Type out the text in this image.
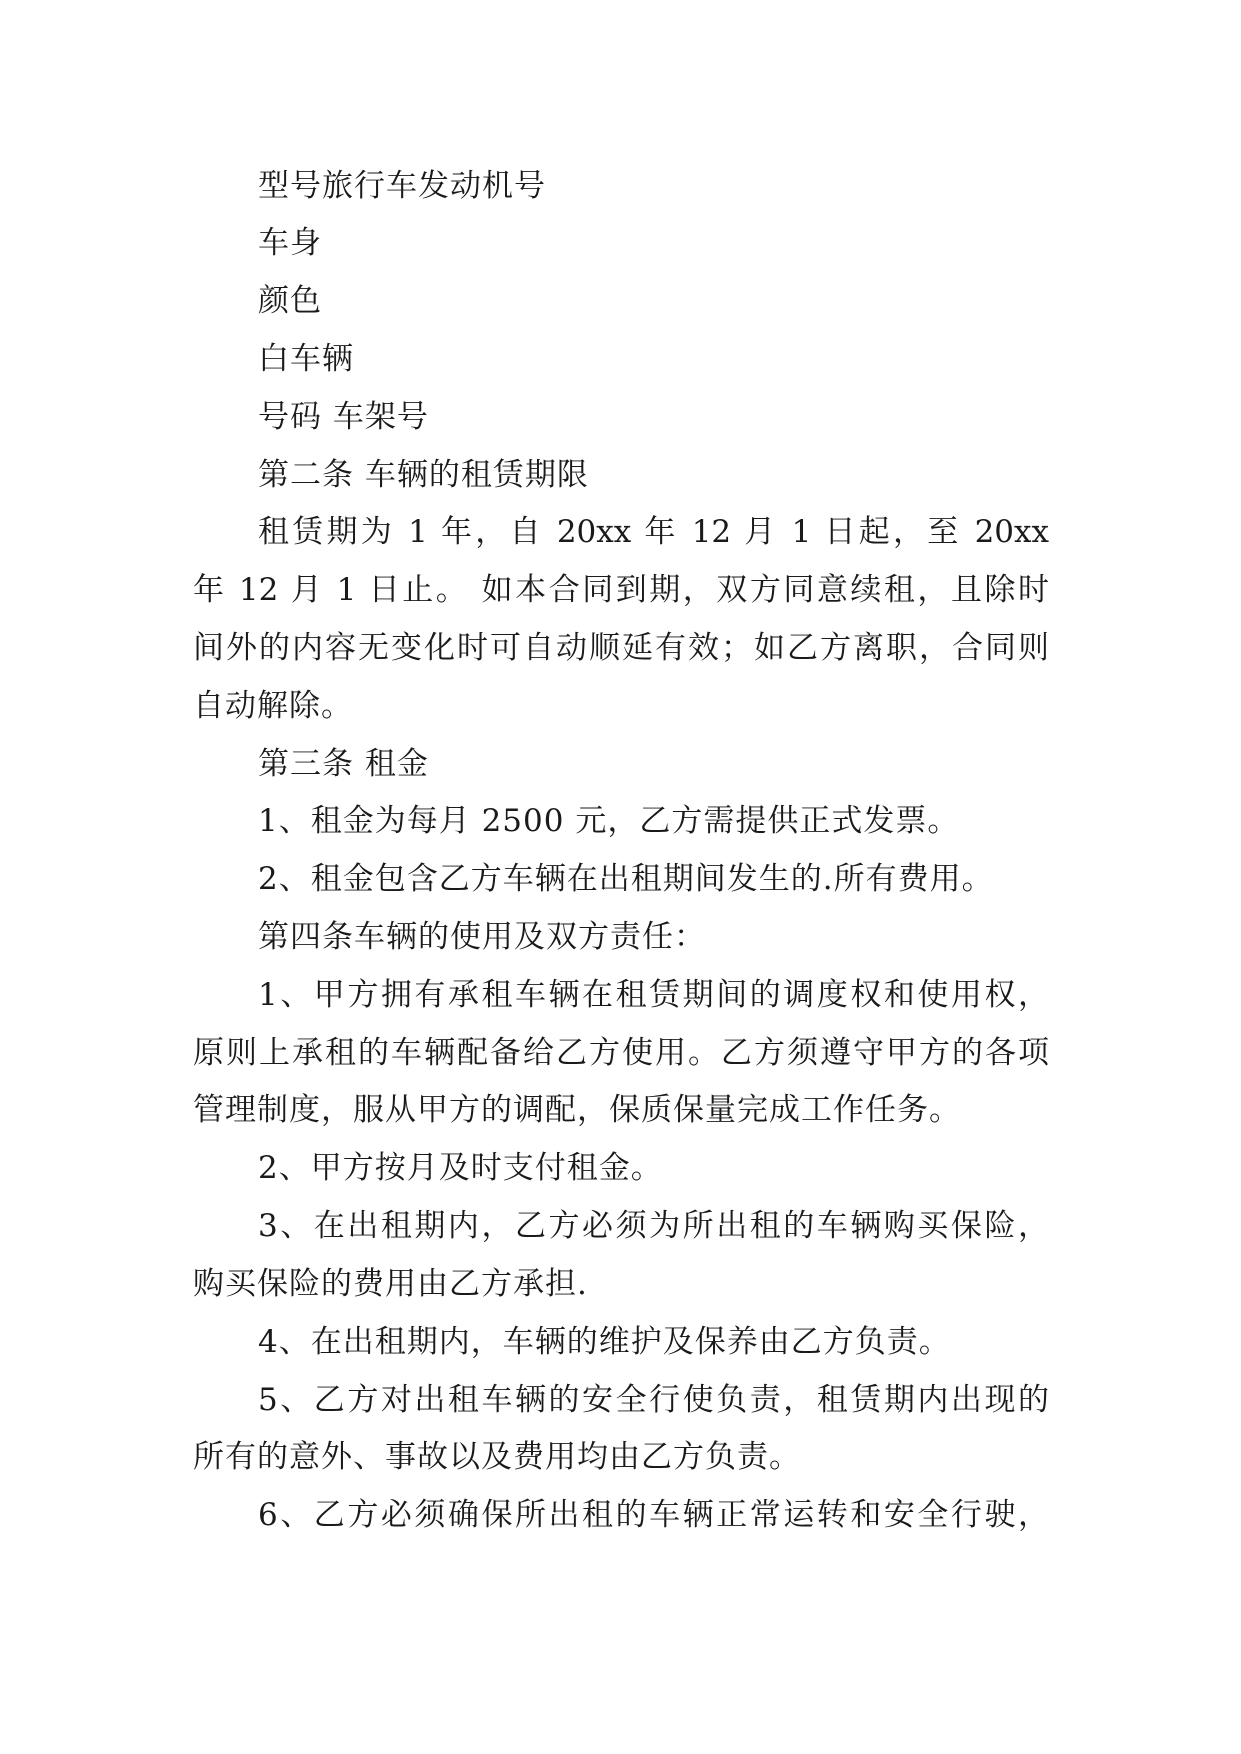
型号旅行车发动机号
车身
颜色
白车辆
号码 车架号
第二条 车辆的租赁期限
租赁期为 1 年，自 20xx 年 12 月 1 日起，至 20xx
年 12 月 1 日止。 如本合同到期，双方同意续租，且除时
间外的内容无变化时可自动顺延有效；如乙方离职，合同则
自动解除。
第三条 租金
1、租金为每月 2500 元，乙方需提供正式发票。
2、租金包含乙方车辆在出租期间发生的.所有费用。
第四条车辆的使用及双方责任：
1、甲方拥有承租车辆在租赁期间的调度权和使用权，
原则上承租的车辆配备给乙方使用。乙方须遵守甲方的各项
管理制度，服从甲方的调配，保质保量完成工作任务。
2、甲方按月及时支付租金。
3、在出租期内，乙方必须为所出租的车辆购买保险，
购买保险的费用由乙方承担.
4、在出租期内，车辆的维护及保养由乙方负责。
5、乙方对出租车辆的安全行使负责，租赁期内出现的
所有的意外、事故以及费用均由乙方负责。
6、乙方必须确保所出租的车辆正常运转和安全行驶，
